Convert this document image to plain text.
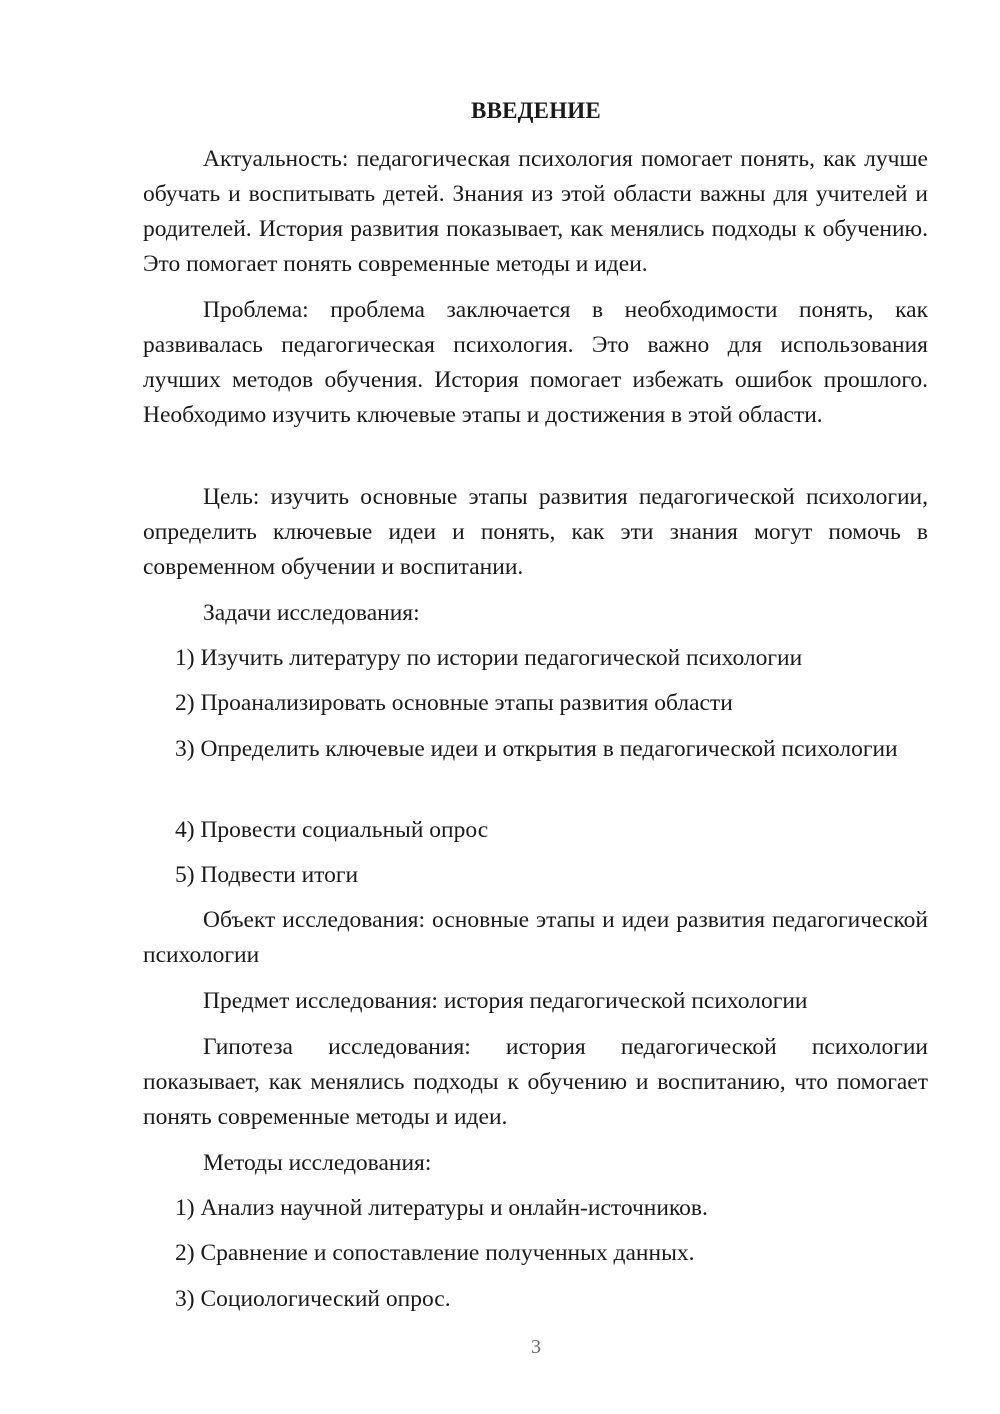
ВВЕДЕНИЕ

Актуальность: педагогическая психология помогает понять, как лучше обучать и воспитывать детей. Знания из этой области важны для учителей и родителей. История развития показывает, как менялись подходы к обучению. Это помогает понять современные методы и идеи.

Проблема: проблема заключается в необходимости понять, как развивалась педагогическая психология. Это важно для использования лучших методов обучения. История помогает избежать ошибок прошлого. Необходимо изучить ключевые этапы и достижения в этой области.

Цель: изучить основные этапы развития педагогической психологии, определить ключевые идеи и понять, как эти знания могут помочь в современном обучении и воспитании.

Задачи исследования:

1) Изучить литературу по истории педагогической психологии

2) Проанализировать основные этапы развития области

3) Определить ключевые идеи и открытия в педагогической психологии

4) Провести социальный опрос

5) Подвести итоги

Объект исследования: основные этапы и идеи развития педагогической психологии

Предмет исследования: история педагогической психологии

Гипотеза исследования: история педагогической психологии показывает, как менялись подходы к обучению и воспитанию, что помогает понять современные методы и идеи.

Методы исследования:

1) Анализ научной литературы и онлайн-источников.

2) Сравнение и сопоставление полученных данных.

3) Социологический опрос.

3
